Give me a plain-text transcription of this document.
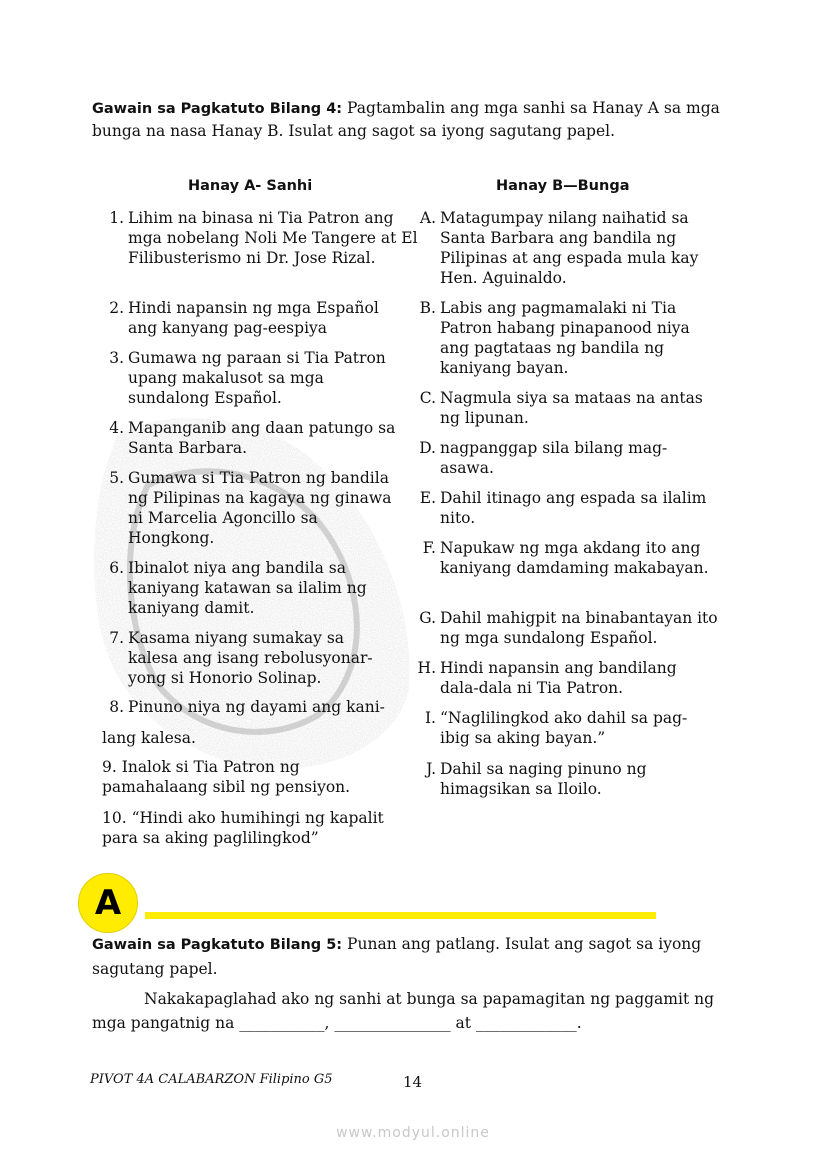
Gawain sa Pagkatuto Bilang 4: Pagtambalin ang mga sanhi sa Hanay A sa mga bunga na nasa Hanay B. Isulat ang sagot sa iyong sagutang papel.
Hanay A- Sanhi	Hanay B—Bunga
1. Lihim na binasa ni Tia Patron ang mga nobelang Noli Me Tangere at El Filibusterismo ni Dr. Jose Rizal.
2. Hindi napansin ng mga Español ang kanyang pag-eespiya
3. Gumawa ng paraan si Tia Patron upang makalusot sa mga sundalong Español.
4. Mapanganib ang daan patungo sa Santa Barbara.
5. Gumawa si Tia Patron ng bandila ng Pilipinas na kagaya ng ginawa ni Marcelia Agoncillo sa Hongkong.
6. Ibinalot niya ang bandila sa kaniyang katawan sa ilalim ng kaniyang damit.
7. Kasama niyang sumakay sa kalesa ang isang rebolusyonar-yong si Honorio Solinap.
8. Pinuno niya ng dayami ang kani-
lang kalesa.
9. Inalok si Tia Patron ng pamahalaang sibil ng pensiyon.
10. “Hindi ako humihingi ng kapalit para sa aking paglilingkod”
A. Matagumpay nilang naihatid sa Santa Barbara ang bandila ng Pilipinas at ang espada mula kay Hen. Aguinaldo.
B. Labis ang pagmamalaki ni Tia Patron habang pinapanood niya ang pagtataas ng bandila ng kaniyang bayan.
C. Nagmula siya sa mataas na antas ng lipunan.
D. nagpanggap sila bilang mag-asawa.
E. Dahil itinago ang espada sa ilalim nito.
F. Napukaw ng mga akdang ito ang kaniyang damdaming makabayan.
G. Dahil mahigpit na binabantayan ito ng mga sundalong Español.
H. Hindi napansin ang bandilang dala-dala ni Tia Patron.
I. “Naglilingkod ako dahil sa pag-ibig sa aking bayan.”
J. Dahil sa naging pinuno ng himagsikan sa Iloilo.
A
Gawain sa Pagkatuto Bilang 5: Punan ang patlang. Isulat ang sagot sa iyong sagutang papel.
Nakakapaglahad ako ng sanhi at bunga sa papamagitan ng paggamit ng mga pangatnig na ___________, _______________ at _____________.
PIVOT 4A CALABARZON Filipino G5	14
www.modyul.online
